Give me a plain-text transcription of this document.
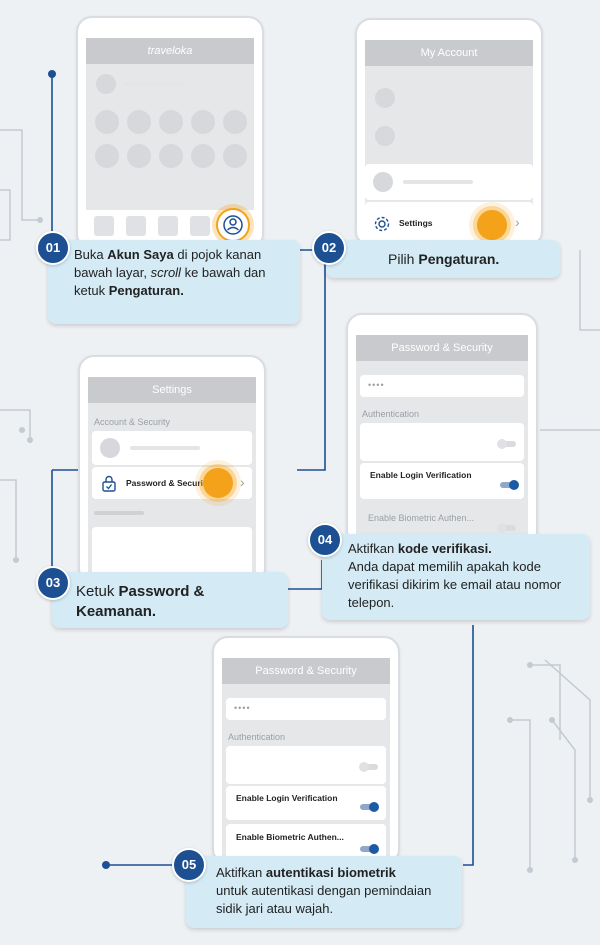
traveloka	My Account
Settings	›
Settings
Account & Security
Password & Securi	›
Password & Security
••••
Authentication
Enable Login Verification
Enable Biometric Authen...
Password & Security
••••
Authentication
Enable Login Verification
Enable Biometric Authen...
Buka Akun Saya di pojok kanan bawah layar, scroll ke bawah dan ketuk Pengaturan.
01
Pilih Pengaturan.
02
Ketuk Password & Keamanan.
03
Aktifkan kode verifikasi.
Anda dapat memilih apakah kode verifikasi dikirim ke email atau nomor telepon.
04
Aktifkan autentikasi biometrik
untuk autentikasi dengan pemindaian sidik jari atau wajah.
05
